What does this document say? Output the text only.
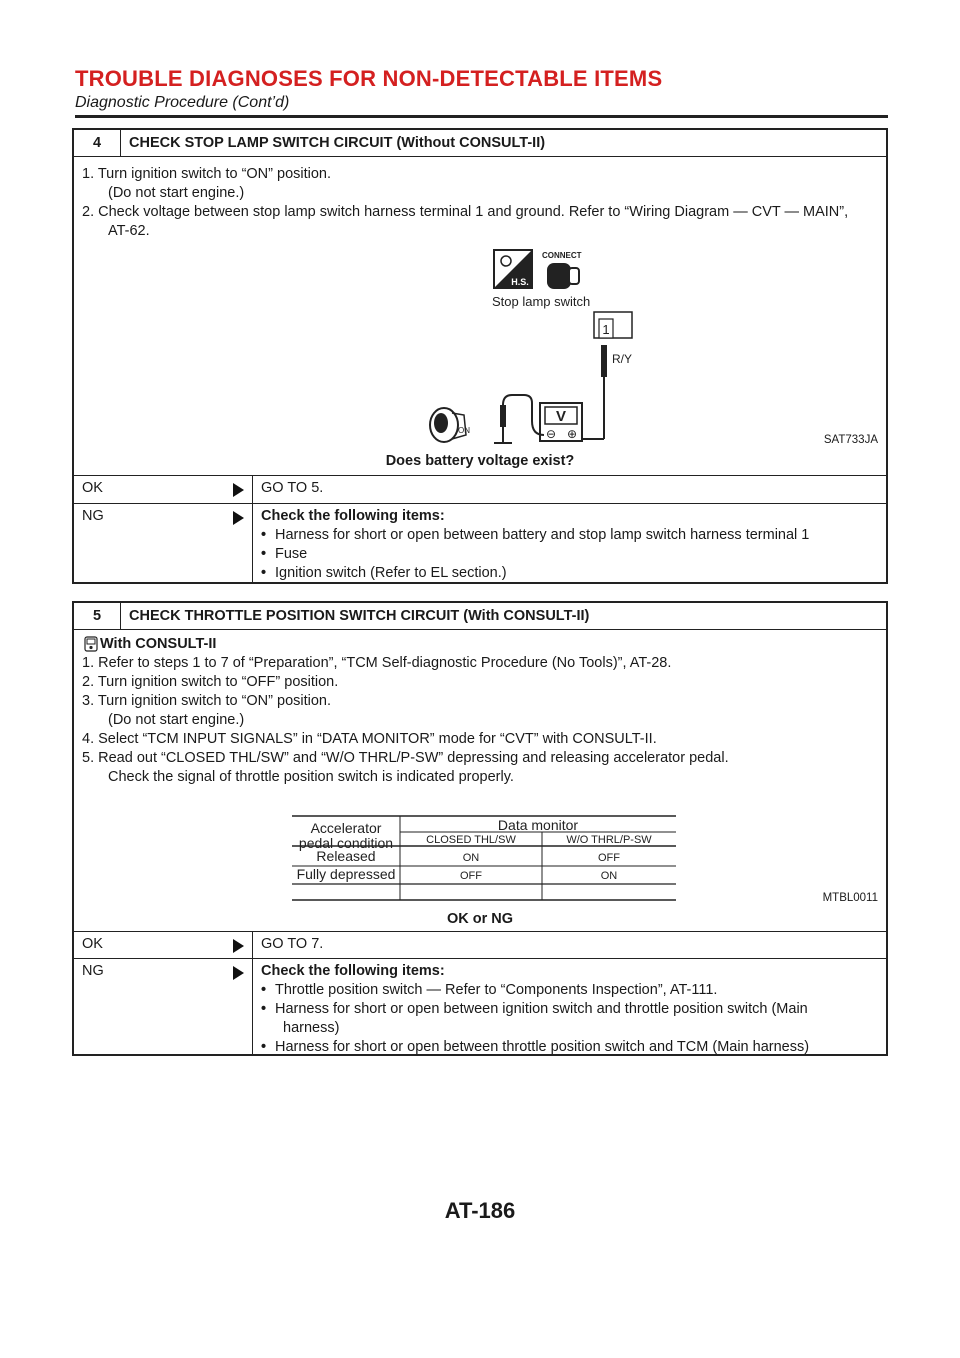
TROUBLE DIAGNOSES FOR NON-DETECTABLE ITEMS
Diagnostic Procedure (Cont’d)
4	CHECK STOP LAMP SWITCH CIRCUIT (Without CONSULT-II)
1. Turn ignition switch to “ON” position.
(Do not start engine.)
2. Check voltage between stop lamp switch harness terminal 1 and ground. Refer to “Wiring Diagram — CVT — MAIN”,
AT-62.
H.S.
CONNECT
Stop lamp switch
1
R/Y
V
⊖ ⊕
ON
SAT733JA
Does battery voltage exist?
OK	GO TO 5.
NG	Check the following items:
• Harness for short or open between battery and stop lamp switch harness terminal 1
• Fuse
• Ignition switch (Refer to EL section.)
5	CHECK THROTTLE POSITION SWITCH CIRCUIT (With CONSULT-II)
With CONSULT-II
1. Refer to steps 1 to 7 of “Preparation”, “TCM Self-diagnostic Procedure (No Tools)”, AT-28.
2. Turn ignition switch to “OFF” position.
3. Turn ignition switch to “ON” position.
(Do not start engine.)
4. Select “TCM INPUT SIGNALS” in “DATA MONITOR” mode for “CVT” with CONSULT-II.
5. Read out “CLOSED THL/SW” and “W/O THRL/P-SW” depressing and releasing accelerator pedal.
Check the signal of throttle position switch is indicated properly.
Accelerator
pedal condition
Data monitor
CLOSED THL/SW	W/O THRL/P-SW
Released	ON	OFF
Fully depressed	OFF	ON
MTBL0011
OK or NG
OK	GO TO 7.
NG	Check the following items:
• Throttle position switch — Refer to “Components Inspection”, AT-111.
• Harness for short or open between ignition switch and throttle position switch (Main
harness)
• Harness for short or open between throttle position switch and TCM (Main harness)
AT-186
